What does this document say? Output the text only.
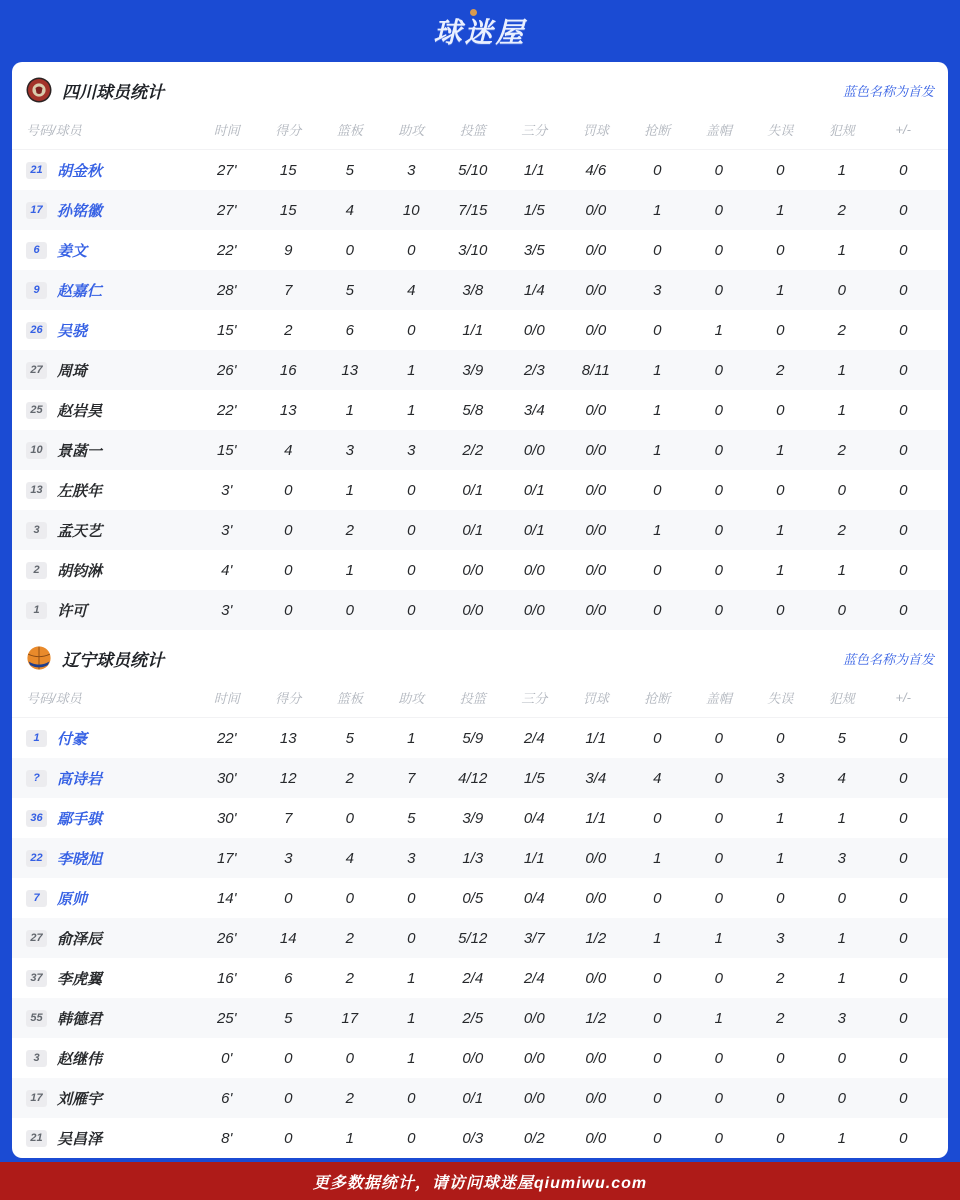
球迷屋
四川球员统计	蓝色名称为首发
号码/球员	时间	得分	篮板	助攻	投篮	三分	罚球	抢断	盖帽	失误	犯规	+/-
21 胡金秋	27'	15	5	3	5/10	1/1	4/6	0	0	0	1	0
17 孙铭徽	27'	15	4	10	7/15	1/5	0/0	1	0	1	2	0
6	姜文	22'	9	0	0	3/10	3/5	0/0	0	0	0	1	0
9	赵嘉仁	28'	7	5	4	3/8	1/4	0/0	3	0	1	0	0
26 吴骁	15'	2	6	0	1/1	0/0	0/0	0	1	0	2	0
27 周琦	26'	16	13	1	3/9	2/3	8/11	1	0	2	1	0
25 赵岩昊	22'	13	1	1	5/8	3/4	0/0	1	0	0	1	0
10 景菡一	15'	4	3	3	2/2	0/0	0/0	1	0	1	2	0
13 左朕年	3'	0	1	0	0/1	0/1	0/0	0	0	0	0	0
3	孟天艺	3'	0	2	0	0/1	0/1	0/0	1	0	1	2	0
2	胡钧淋	4'	0	1	0	0/0	0/0	0/0	0	0	1	1	0
1	许可	3'	0	0	0	0/0	0/0	0/0	0	0	0	0	0
辽宁球员统计	蓝色名称为首发
号码/球员	时间	得分	篮板	助攻	投篮	三分	罚球	抢断	盖帽	失误	犯规	+/-
1	付豪	22'	13	5	1	5/9	2/4	1/1	0	0	0	5	0
?	高诗岩	30'	12	2	7	4/12	1/5	3/4	4	0	3	4	0
36 鄢手骐	30'	7	0	5	3/9	0/4	1/1	0	0	1	1	0
22 李晓旭	17'	3	4	3	1/3	1/1	0/0	1	0	1	3	0
7	原帅	14'	0	0	0	0/5	0/4	0/0	0	0	0	0	0
27 俞泽辰	26'	14	2	0	5/12	3/7	1/2	1	1	3	1	0
37 李虎翼	16'	6	2	1	2/4	2/4	0/0	0	0	2	1	0
55 韩德君	25'	5	17	1	2/5	0/0	1/2	0	1	2	3	0
3	赵继伟	0'	0	0	1	0/0	0/0	0/0	0	0	0	0	0
17 刘雁宇	6'	0	2	0	0/1	0/0	0/0	0	0	0	0	0
21 吴昌泽	8'	0	1	0	0/3	0/2	0/0	0	0	0	1	0
更多数据统计，请访问球迷屋qiumiwu.com
